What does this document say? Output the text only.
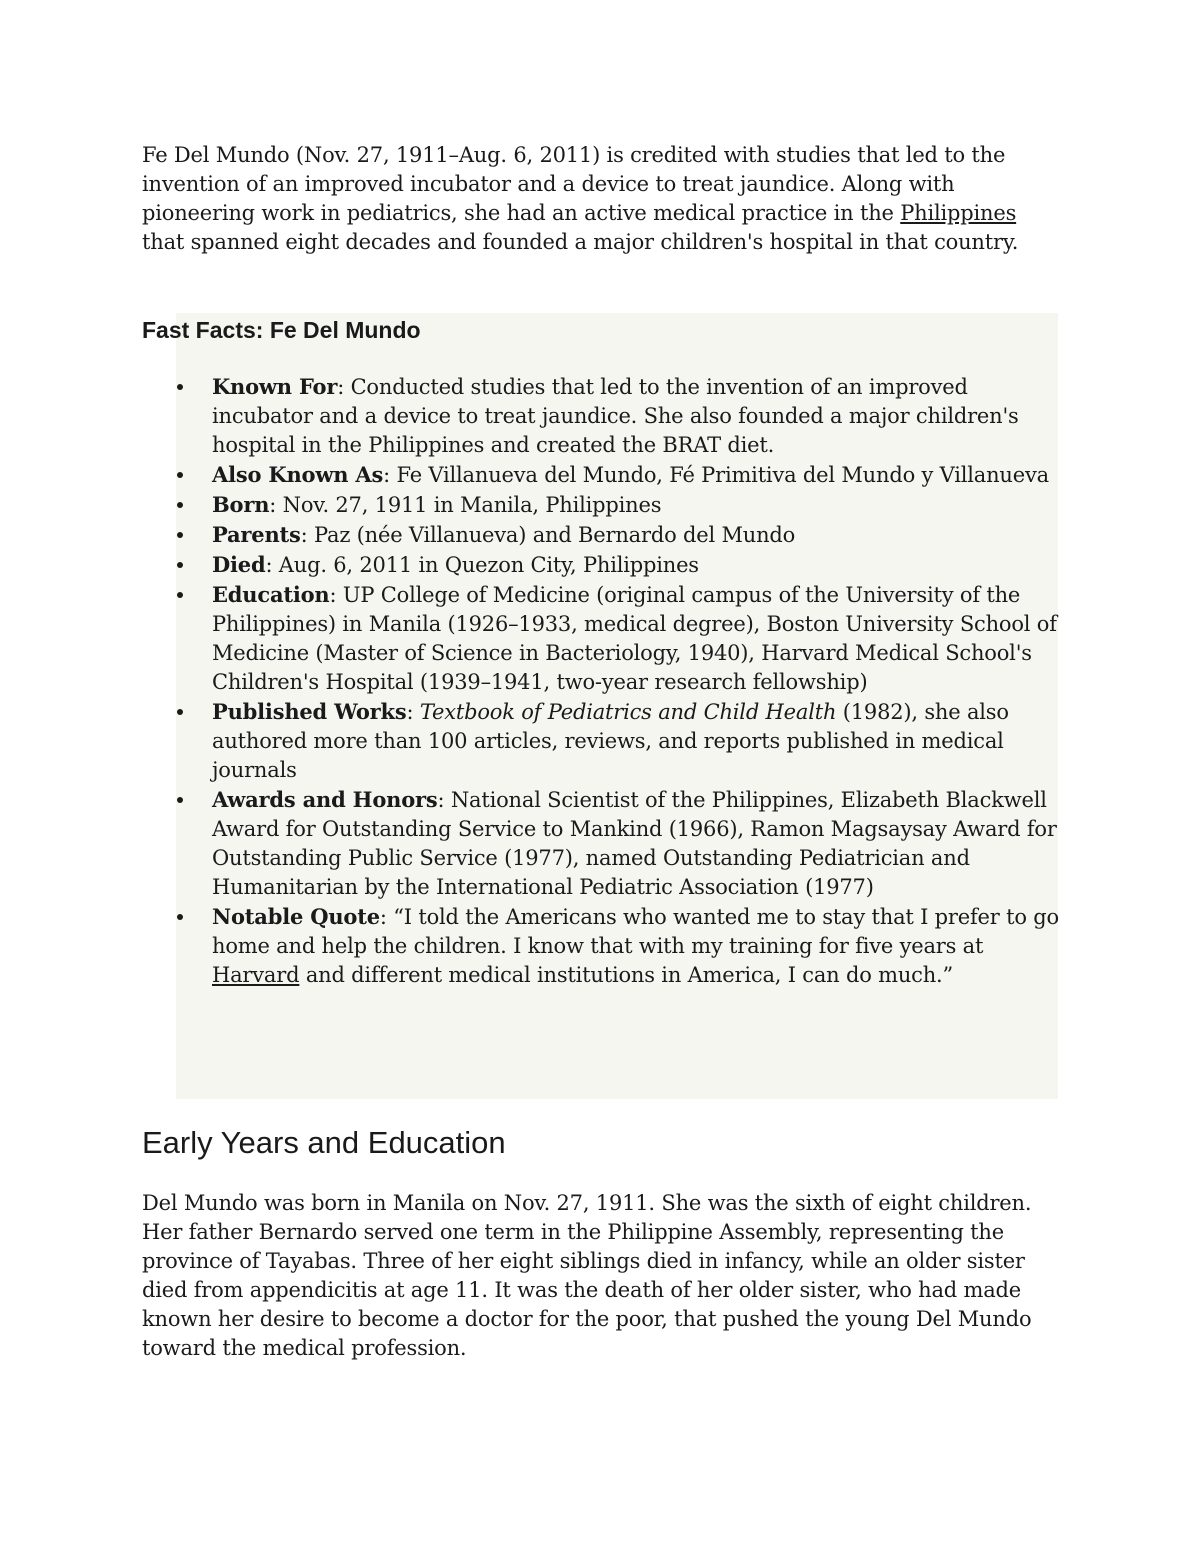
Fe Del Mundo (Nov. 27, 1911–Aug. 6, 2011) is credited with studies that led to the invention of an improved incubator and a device to treat jaundice. Along with pioneering work in pediatrics, she had an active medical practice in the Philippines that spanned eight decades and founded a major children's hospital in that country.

Fast Facts: Fe Del Mundo
Known For: Conducted studies that led to the invention of an improved incubator and a device to treat jaundice. She also founded a major children's hospital in the Philippines and created the BRAT diet.
Also Known As: Fe Villanueva del Mundo, Fé Primitiva del Mundo y Villanueva
Born: Nov. 27, 1911 in Manila, Philippines
Parents: Paz (née Villanueva) and Bernardo del Mundo
Died: Aug. 6, 2011 in Quezon City, Philippines
Education: UP College of Medicine (original campus of the University of the Philippines) in Manila (1926–1933, medical degree), Boston University School of Medicine (Master of Science in Bacteriology, 1940), Harvard Medical School's Children's Hospital (1939–1941, two-year research fellowship)
Published Works: Textbook of Pediatrics and Child Health (1982), she also authored more than 100 articles, reviews, and reports published in medical journals
Awards and Honors: National Scientist of the Philippines, Elizabeth Blackwell Award for Outstanding Service to Mankind (1966), Ramon Magsaysay Award for Outstanding Public Service (1977), named Outstanding Pediatrician and Humanitarian by the International Pediatric Association (1977)
Notable Quote: “I told the Americans who wanted me to stay that I prefer to go home and help the children. I know that with my training for five years at Harvard and different medical institutions in America, I can do much.”
Early Years and Education

Del Mundo was born in Manila on Nov. 27, 1911. She was the sixth of eight children. Her father Bernardo served one term in the Philippine Assembly, representing the province of Tayabas. Three of her eight siblings died in infancy, while an older sister died from appendicitis at age 11. It was the death of her older sister, who had made known her desire to become a doctor for the poor, that pushed the young Del Mundo toward the medical profession.
